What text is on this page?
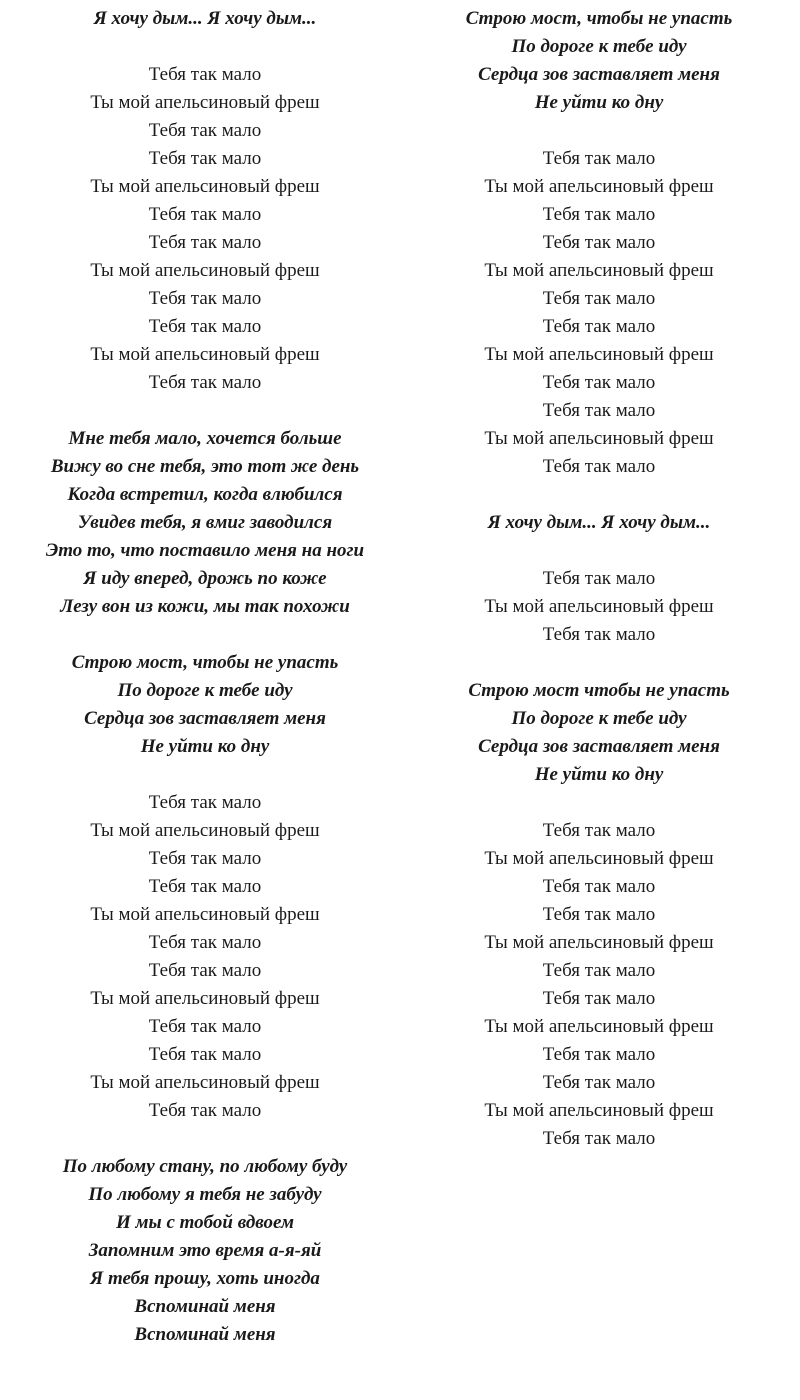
Я хочу дым... Я хочу дым...
Тебя так мало
Ты мой апельсиновый фреш
Тебя так мало
Тебя так мало
Ты мой апельсиновый фреш
Тебя так мало
Тебя так мало
Ты мой апельсиновый фреш
Тебя так мало
Тебя так мало
Ты мой апельсиновый фреш
Тебя так мало
Мне тебя мало, хочется больше
Вижу во сне тебя, это тот же день
Когда встретил, когда влюбился
Увидев тебя, я вмиг заводился
Это то, что поставило меня на ноги
Я иду вперед, дрожь по коже
Лезу вон из кожи, мы так похожи
Строю мост, чтобы не упасть
По дороге к тебе иду
Сердца зов заставляет меня
Не уйти ко дну
Тебя так мало
Ты мой апельсиновый фреш
Тебя так мало
Тебя так мало
Ты мой апельсиновый фреш
Тебя так мало
Тебя так мало
Ты мой апельсиновый фреш
Тебя так мало
Тебя так мало
Ты мой апельсиновый фреш
Тебя так мало
По любому стану, по любому буду
По любому я тебя не забуду
И мы с тобой вдвоем
Запомним это время а-я-яй
Я тебя прошу, хоть иногда
Вспоминай меня
Вспоминай меня
Строю мост, чтобы не упасть
По дороге к тебе иду
Сердца зов заставляет меня
Не уйти ко дну
Тебя так мало
Ты мой апельсиновый фреш
Тебя так мало
Тебя так мало
Ты мой апельсиновый фреш
Тебя так мало
Тебя так мало
Ты мой апельсиновый фреш
Тебя так мало
Тебя так мало
Ты мой апельсиновый фреш
Тебя так мало
Я хочу дым... Я хочу дым...
Тебя так мало
Ты мой апельсиновый фреш
Тебя так мало
Строю мост чтобы не упасть
По дороге к тебе иду
Сердца зов заставляет меня
Не уйти ко дну
Тебя так мало
Ты мой апельсиновый фреш
Тебя так мало
Тебя так мало
Ты мой апельсиновый фреш
Тебя так мало
Тебя так мало
Ты мой апельсиновый фреш
Тебя так мало
Тебя так мало
Ты мой апельсиновый фреш
Тебя так мало
